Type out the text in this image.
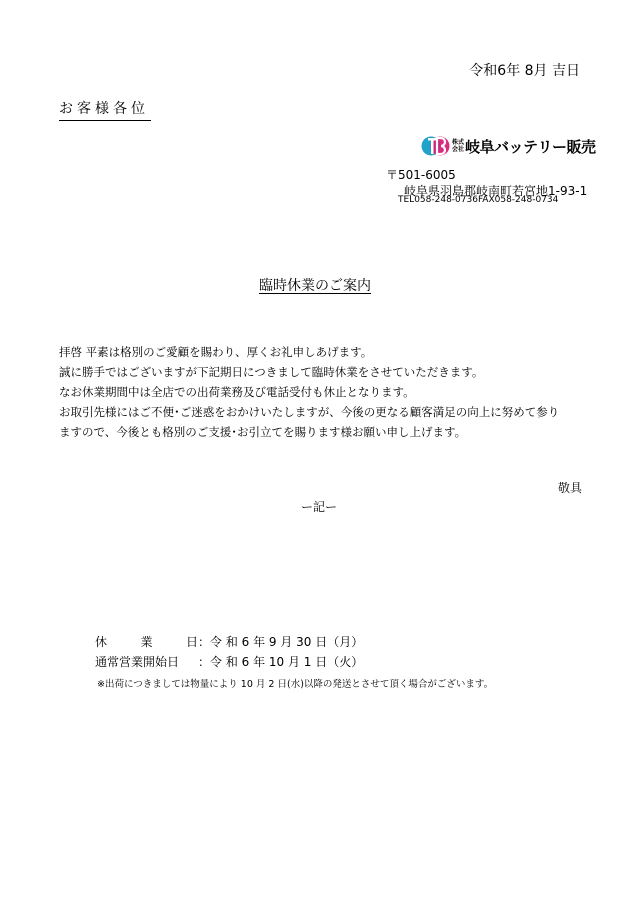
令和6年 8月 吉日
お客様各位
株式
会社 岐阜バッテリー販売
〒501-6005
岐阜県羽島郡岐南町若宮地1-93-1
TEL058-248-0736FAX058-248-0734
臨時休業のご案内
拝啓 平素は格別のご愛顧を賜わり、厚くお礼申しあげます。
誠に勝手ではございますが下記期日につきまして臨時休業をさせていただきます。
なお休業期間中は全店での出荷業務及び電話受付も休止となります。
お取引先様にはご不便･ご迷惑をおかけいたしますが、今後の更なる顧客満足の向上に努めて参り
ますので、今後とも格別のご支援･お引立てを賜ります様お願い申し上げます。
敬具
ー記ー
休	業	日 ：令 和 6 年 9 月 30 日（月）
通常営業開始日 ：令 和 6 年 10 月 1 日（火）
※出荷につきましては物量により 10 月 2 日(水)以降の発送とさせて頂く場合がございます。
